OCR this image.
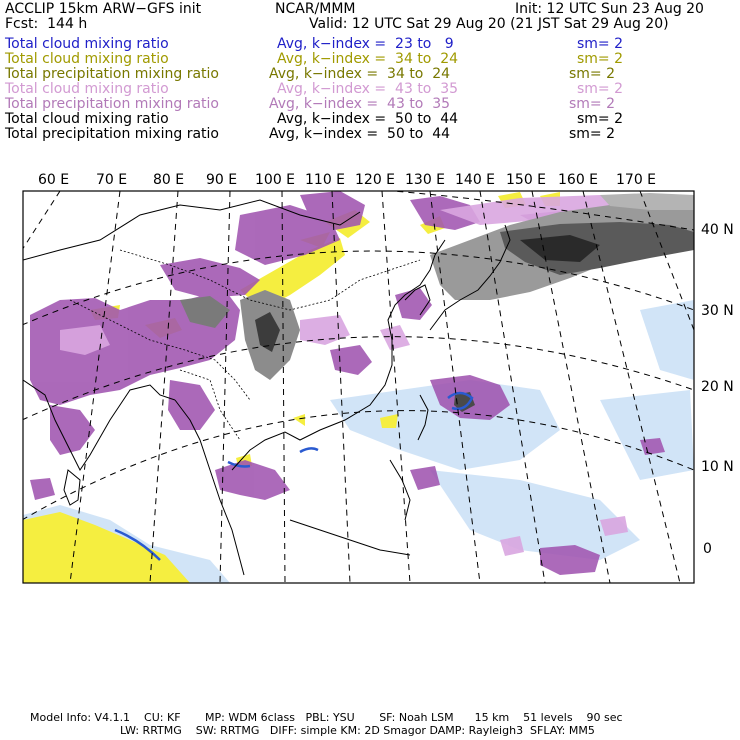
ACCLIP 15km ARW−GFS init	NCAR/MMM	Init: 12 UTC Sun 23 Aug 20
Fcst:  144 h	Valid: 12 UTC Sat 29 Aug 20 (21 JST Sat 29 Aug 20)
Total cloud mixing ratio	Avg, k−index =  23 to   9	sm= 2
Total cloud mixing ratio	Avg, k−index =  34 to  24	sm= 2
Total precipitation mixing ratio	Avg, k−index =  34 to  24	sm= 2
Total cloud mixing ratio	Avg, k−index =  43 to  35	sm= 2
Total precipitation mixing ratio	Avg, k−index =  43 to  35	sm= 2
Total cloud mixing ratio	Avg, k−index =  50 to  44	sm= 2
Total precipitation mixing ratio	Avg, k−index =  50 to  44	sm= 2
60 E 70 E 80 E 90 E 100 E 110 E 120 E 130 E 140 E 150 E 160 E 170 E
40 N
30 N
20 N
10 N
0
Model Info: V4.1.1    CU: KF       MP: WDM 6class   PBL: YSU       SF: Noah LSM      15 km    51 levels    90 sec
LW: RRTMG    SW: RRTMG   DIFF: simple KM: 2D Smagor DAMP: Rayleigh3  SFLAY: MM5
